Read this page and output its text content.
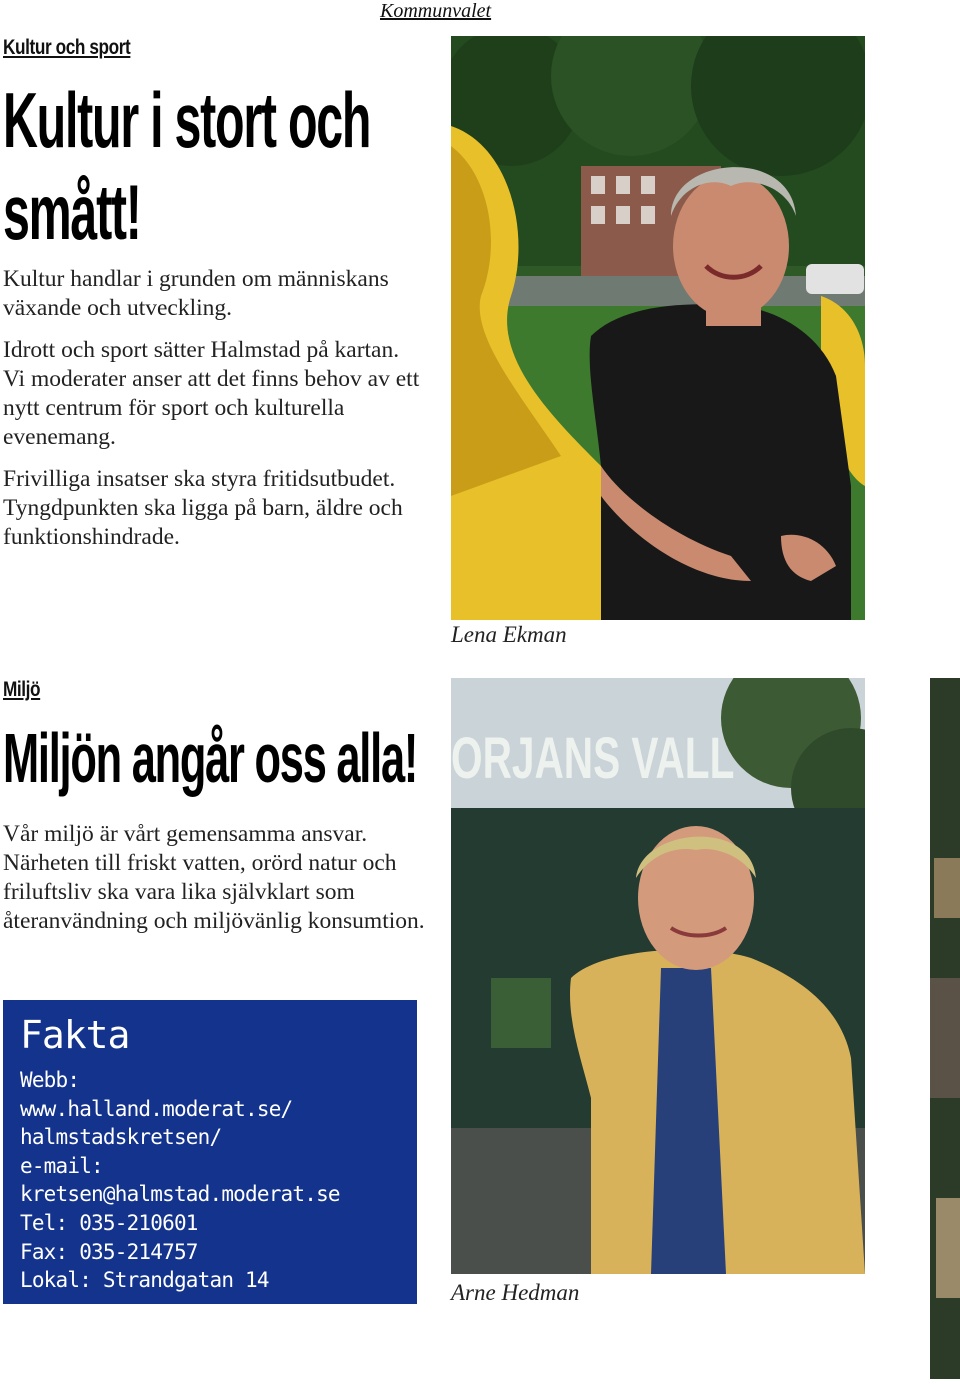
Kommunvalet
Kultur och sport
Kultur i stort och
smått!

Kultur handlar i grunden om människans växande och utveckling.

Idrott och sport sätter Halmstad på kartan. Vi moderater anser att det finns behov av ett nytt centrum för sport och kulturella evenemang.

Frivilliga insatser ska styra fritidsutbudet. Tyngdpunkten ska ligga på barn, äldre och funktionshindrade.

Lena Ekman
Miljö
Miljön angår oss alla!

Vår miljö är vårt gemensamma ansvar. Närheten till friskt vatten, orörd natur och friluftsliv ska vara lika självklart som återanvändning och miljövänlig konsumtion.

ORJANS VALL
Arne Hedman
Fakta
Webb:
www.halland.moderat.se/
halmstadskretsen/
e-mail:
kretsen@halmstad.moderat.se
Tel: 035-210601
Fax: 035-214757
Lokal: Strandgatan 14
